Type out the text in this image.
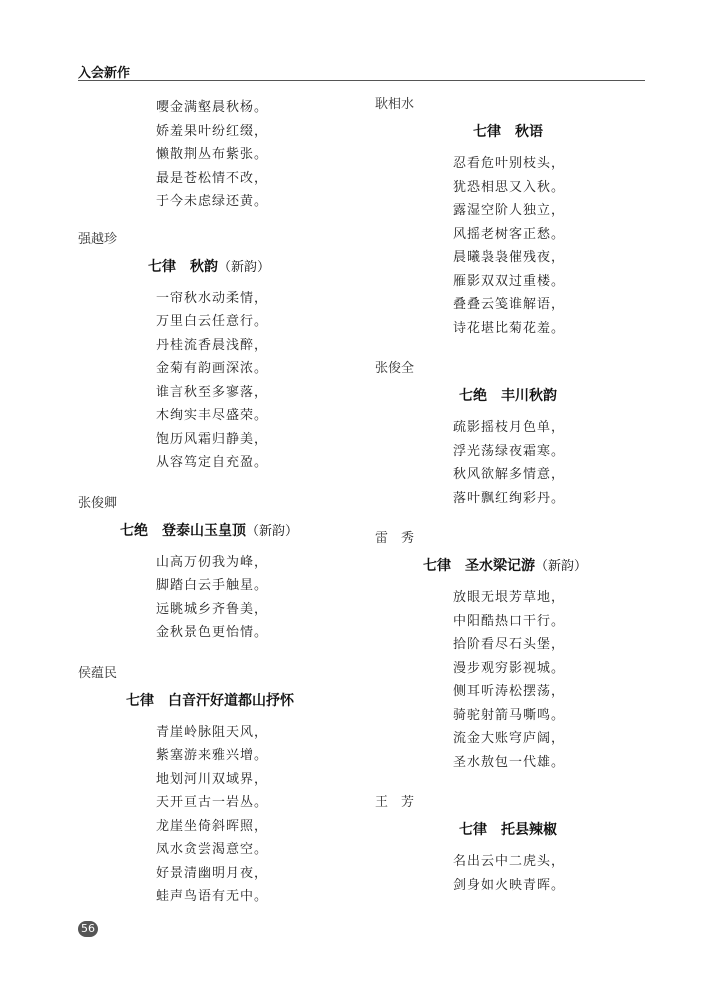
入会新作
嘤金满壑晨秋杨。
娇羞果叶纷红缀，
懒散荆丛布紫张。
最是苍松情不改，
于今未虑绿还黄。
强越珍
七律　秋韵（新韵）
一帘秋水动柔情，
万里白云任意行。
丹桂流香晨浅醉，
金菊有韵画深浓。
谁言秋至多寥落，
木绚实丰尽盛荣。
饱历风霜归静美，
从容笃定自充盈。
张俊卿
七绝　登泰山玉皇顶（新韵）
山高万仞我为峰，
脚踏白云手触星。
远眺城乡齐鲁美，
金秋景色更怡情。
侯蕴民
七律　白音汗好道都山抒怀
青崖岭脉阻天风，
紫塞游来雅兴增。
地划河川双域界，
天开亘古一岩丛。
龙崖坐倚斜晖照，
凤水贪尝渴意空。
好景清幽明月夜，
蛙声鸟语有无中。
耿相水
七律　秋语
忍看危叶别枝头，
犹恐相思又入秋。
露湿空阶人独立，
风摇老树客正愁。
晨曦袅袅催残夜，
雁影双双过重楼。
叠叠云笺谁解语，
诗花堪比菊花羞。
张俊全
七绝　丰川秋韵
疏影摇枝月色单，
浮光荡绿夜霜寒。
秋风欲解多情意，
落叶飘红绚彩丹。
雷　秀
七律　圣水梁记游（新韵）
放眼无垠芳草地，
中阳酷热口干行。
拾阶看尽石头堡，
漫步观穷影视城。
侧耳听涛松摆荡，
骑驼射箭马嘶鸣。
流金大账穹庐阔，
圣水敖包一代雄。
王　芳
七律　托县辣椒
名出云中二虎头，
剑身如火映青晖。
56
